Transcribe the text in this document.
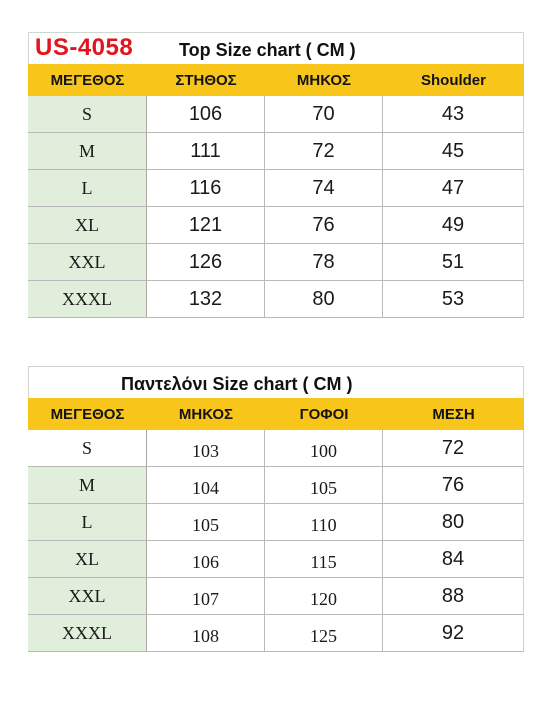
US-4058	Top Size chart ( CM )
ΜΕΓΕΘΟΣ	ΣΤΗΘΟΣ	ΜΗΚΟΣ	Shoulder
S	106	70	43
M	111	72	45
L	116	74	47
XL	121	76	49
XXL	126	78	51
XXXL	132	80	53
Παντελόνι Size chart ( CM )
ΜΕΓΕΘΟΣ	ΜΗΚΟΣ	ΓΟΦΟΙ	ΜΕΣΗ
S	103	100	72
M	104	105	76
L	105	110	80
XL	106	115	84
XXL	107	120	88
XXXL	108	125	92
